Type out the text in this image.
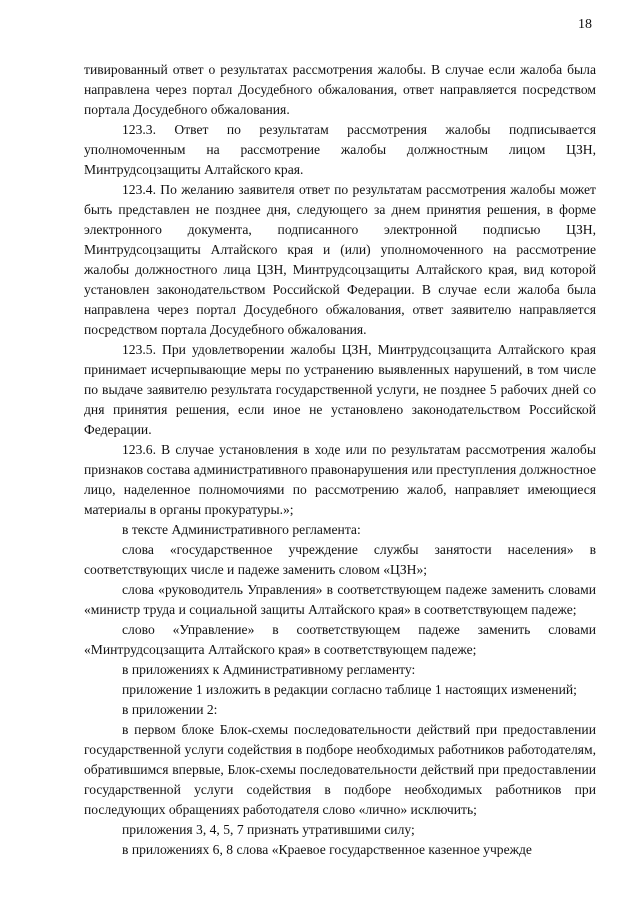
18

тивированный ответ о результатах рассмотрения жалобы. В случае если жалоба была направлена через портал Досудебного обжалования, ответ направляется посредством портала Досудебного обжалования.

123.3. Ответ по результатам рассмотрения жалобы подписывается уполномоченным на рассмотрение жалобы должностным лицом ЦЗН, Минтрудсоцзащиты Алтайского края.

123.4. По желанию заявителя ответ по результатам рассмотрения жалобы может быть представлен не позднее дня, следующего за днем принятия решения, в форме электронного документа, подписанного электронной подписью ЦЗН, Минтрудсоцзащиты Алтайского края и (или) уполномоченного на рассмотрение жалобы должностного лица ЦЗН, Минтрудсоцзащиты Алтайского края, вид которой установлен законодательством Российской Федерации. В случае если жалоба была направлена через портал Досудебного обжалования, ответ заявителю направляется посредством портала Досудебного обжалования.

123.5. При удовлетворении жалобы ЦЗН, Минтрудсоцзащита Алтайского края принимает исчерпывающие меры по устранению выявленных нарушений, в том числе по выдаче заявителю результата государственной услуги, не позднее 5 рабочих дней со дня принятия решения, если иное не установлено законодательством Российской Федерации.

123.6. В случае установления в ходе или по результатам рассмотрения жалобы признаков состава административного правонарушения или преступления должностное лицо, наделенное полномочиями по рассмотрению жалоб, направляет имеющиеся материалы в органы прокуратуры.»;

в тексте Административного регламента:

слова «государственное учреждение службы занятости населения» в соответствующих числе и падеже заменить словом «ЦЗН»;

слова «руководитель Управления» в соответствующем падеже заменить словами «министр труда и социальной защиты Алтайского края» в соответствующем падеже;

слово «Управление» в соответствующем падеже заменить словами «Минтрудсоцзащита Алтайского края» в соответствующем падеже;

в приложениях к Административному регламенту:

приложение 1 изложить в редакции согласно таблице 1 настоящих изменений;

в приложении 2:

в первом блоке Блок-схемы последовательности действий при предоставлении государственной услуги содействия в подборе необходимых работников работодателям, обратившимся впервые, Блок-схемы последовательности действий при предоставлении государственной услуги содействия в подборе необходимых работников при последующих обращениях работодателя слово «лично» исключить;

приложения 3, 4, 5, 7 признать утратившими силу;

в приложениях 6, 8 слова «Краевое государственное казенное учрежде
